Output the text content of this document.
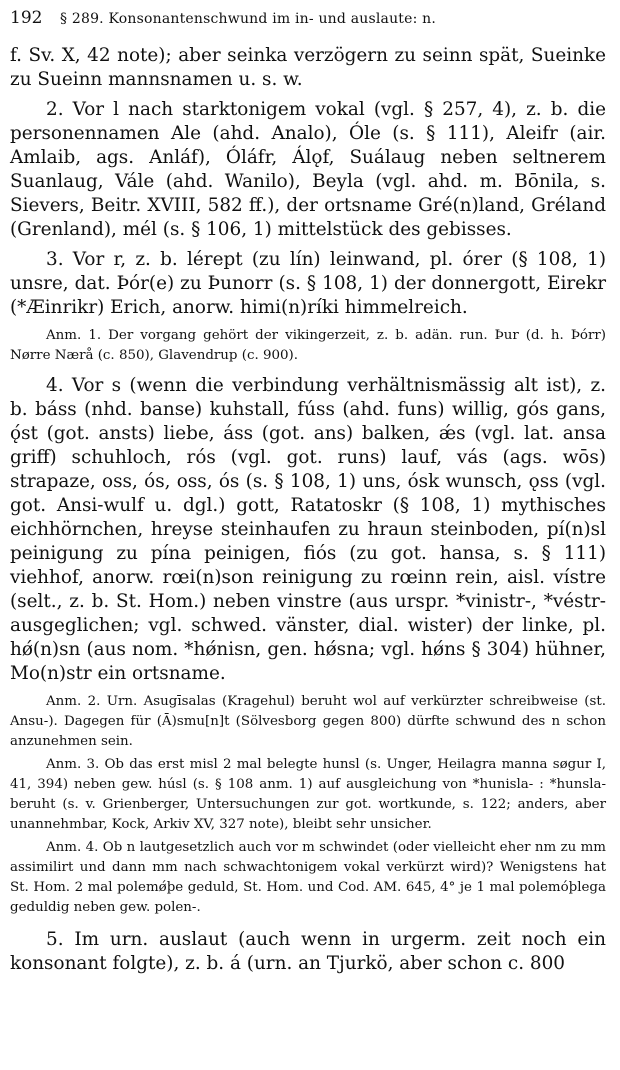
192	§ 289. Konsonantenschwund im in- und auslaute: n.

f. Sv. X, 42 note); aber seinka verzögern zu seinn spät, Sueinke zu Sueinn mannsnamen u. s. w.

2. Vor l nach starktonigem vokal (vgl. § 257, 4), z. b. die personennamen Ale (ahd. Analo), Óle (s. § 111), Aleifr (air. Amlaib, ags. Anláf), Óláfr, Álǫf, Suálaug neben seltnerem Suanlaug, Vále (ahd. Wanilo), Beyla (vgl. ahd. m. Bōnila, s. Sievers, Beitr. XVIII, 582 ff.), der ortsname Gré(n)land, Gréland (Grenland), mél (s. § 106, 1) mittelstück des gebisses.

3. Vor r, z. b. lérept (zu lín) leinwand, pl. órer (§ 108, 1) unsre, dat. Þór(e) zu Þunorr (s. § 108, 1) der donnergott, Eirekr (*Æinrikr) Erich, anorw. himi(n)ríki himmelreich.

Anm. 1. Der vorgang gehört der vikingerzeit, z. b. adän. run. Þur (d. h. Þórr) Nørre Nærå (c. 850), Glavendrup (c. 900).

4. Vor s (wenn die verbindung verhältnismässig alt ist), z. b. báss (nhd. banse) kuhstall, fúss (ahd. funs) willig, gós gans, ǫ́st (got. ansts) liebe, áss (got. ans) balken, ǽs (vgl. lat. ansa griff) schuhloch, rós (vgl. got. runs) lauf, vás (ags. wōs) strapaze, oss, ós, oss, ós (s. § 108, 1) uns, ósk wunsch, ǫss (vgl. got. Ansi-wulf u. dgl.) gott, Ratatoskr (§ 108, 1) mythisches eichhörnchen, hreyse steinhaufen zu hraun steinboden, pí(n)sl peinigung zu pína peinigen, fiós (zu got. hansa, s. § 111) viehhof, anorw. rœi(n)son reinigung zu rœinn rein, aisl. vístre (selt., z. b. St. Hom.) neben vinstre (aus urspr. *vinistr-, *véstr- ausgeglichen; vgl. schwed. vänster, dial. wister) der linke, pl. hǿ(n)sn (aus nom. *hǿnisn, gen. hǿsna; vgl. hǿns § 304) hühner, Mo(n)str ein ortsname.

Anm. 2. Urn. Asugīsalas (Kragehul) beruht wol auf verkürzter schreibweise (st. Ansu-). Dagegen für (Ā)smu[n]t (Sölvesborg gegen 800) dürfte schwund des n schon anzunehmen sein.

Anm. 3. Ob das erst misl 2 mal belegte hunsl (s. Unger, Heilagra manna søgur I, 41, 394) neben gew. húsl (s. § 108 anm. 1) auf ausgleichung von *hunisla- : *hunsla- beruht (s. v. Grienberger, Untersuchungen zur got. wortkunde, s. 122; anders, aber unannehmbar, Kock, Arkiv XV, 327 note), bleibt sehr unsicher.

Anm. 4. Ob n lautgesetzlich auch vor m schwindet (oder vielleicht eher nm zu mm assimilirt und dann mm nach schwachtonigem vokal verkürzt wird)? Wenigstens hat St. Hom. 2 mal polemǿþe geduld, St. Hom. und Cod. AM. 645, 4° je 1 mal polemóþlega geduldig neben gew. polen-.

5. Im urn. auslaut (auch wenn in urgerm. zeit noch ein konsonant folgte), z. b. á (urn. an Tjurkö, aber schon c. 800
